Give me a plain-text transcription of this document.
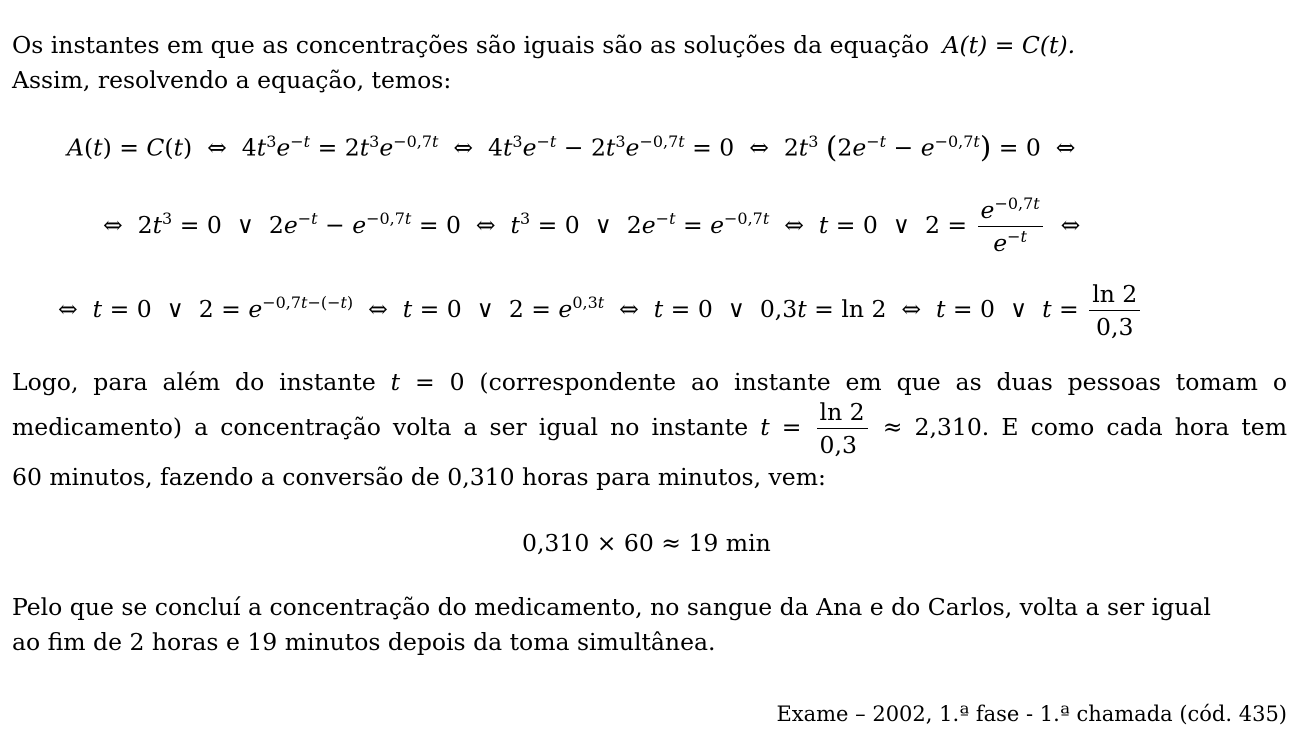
Os instantes em que as concentrações são iguais são as soluções da equação A(t) = C(t).
Assim, resolvendo a equação, temos:
A(t) = C(t)  ⇔  $4t^3e^{-t} = 2t^3e^{-0,7t}$  ⇔  $4t^3e^{-t} - 2t^3e^{-0,7t} = 0$  ⇔  $2t^3$ $(2e^{-t} - e^{-0,7t}) = 0$  ⇔
⇔  $2t^3 = 0$  ∨  $2e^{-t} - e^{-0,7t} = 0$  ⇔  $t^3 = 0$  ∨  $2e^{-t} = e^{-0,7t}$  ⇔  t = 0  ∨  $2 = \frac{e^{-0,7t}}{e^{-t}}$ ⇔
⇔  t = 0  ∨  $2 = e^{-0,7t-(-t)}$  ⇔  t = 0  ∨  $2 = e^{0,3t}$  ⇔  t = 0  ∨  0,3t = ln 2  ⇔  t = 0  ∨  $t = \frac{\ln 2}{0,3}$
Logo, para além do instante t = 0 (correspondente ao instante em que as duas pessoas tomam o
medicamento) a concentração volta a ser igual no instante $t = \frac{\ln 2}{0,3} \approx 2,310$. E como cada hora tem
60 minutos, fazendo a conversão de 0,310 horas para minutos, vem:
0,310 × 60 ≈ 19 min
Pelo que se concluí a concentração do medicamento, no sangue da Ana e do Carlos, volta a ser igual
ao fim de 2 horas e 19 minutos depois da toma simultânea.
Exame – 2002, 1.ª fase - 1.ª chamada (cód. 435)
